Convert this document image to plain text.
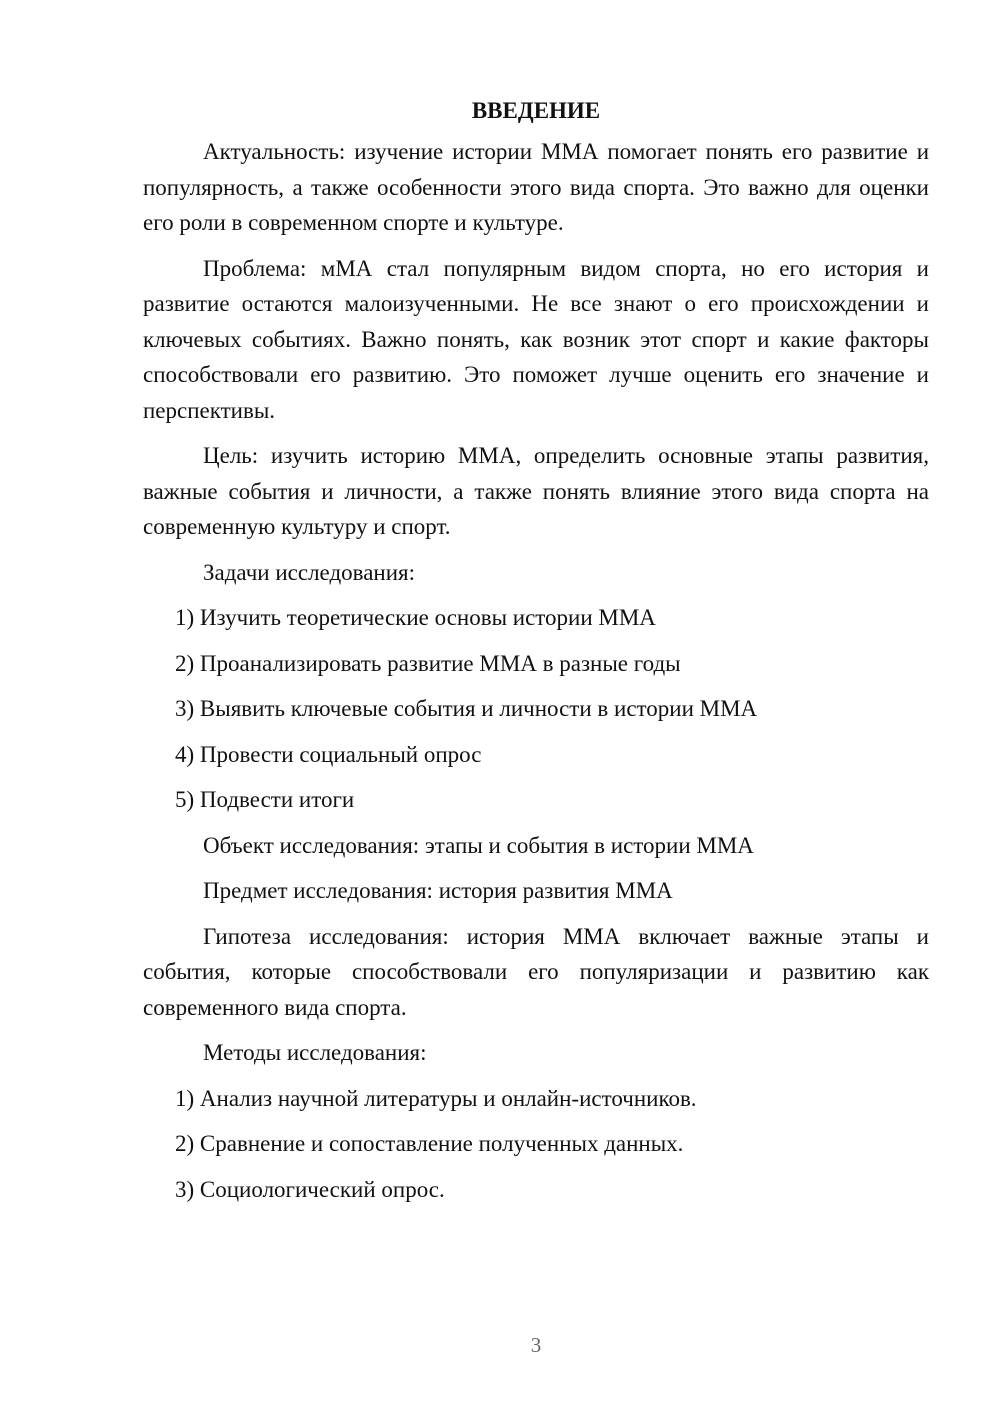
ВВЕДЕНИЕ

Актуальность: изучение истории ММА помогает понять его развитие и популярность, а также особенности этого вида спорта. Это важно для оценки его роли в современном спорте и культуре.

Проблема: мМА стал популярным видом спорта, но его история и развитие остаются малоизученными. Не все знают о его происхождении и ключевых событиях. Важно понять, как возник этот спорт и какие факторы способствовали его развитию. Это поможет лучше оценить его значение и перспективы.

Цель: изучить историю ММА, определить основные этапы развития, важные события и личности, а также понять влияние этого вида спорта на современную культуру и спорт.

Задачи исследования:
1) Изучить теоретические основы истории ММА
2) Проанализировать развитие ММА в разные годы
3) Выявить ключевые события и личности в истории ММА
4) Провести социальный опрос
5) Подвести итоги
Объект исследования: этапы и события в истории ММА
Предмет исследования: история развития ММА

Гипотеза исследования: история ММА включает важные этапы и события, которые способствовали его популяризации и развитию как современного вида спорта.

Методы исследования:
1) Анализ научной литературы и онлайн-источников.
2) Сравнение и сопоставление полученных данных.
3) Социологический опрос.
3
